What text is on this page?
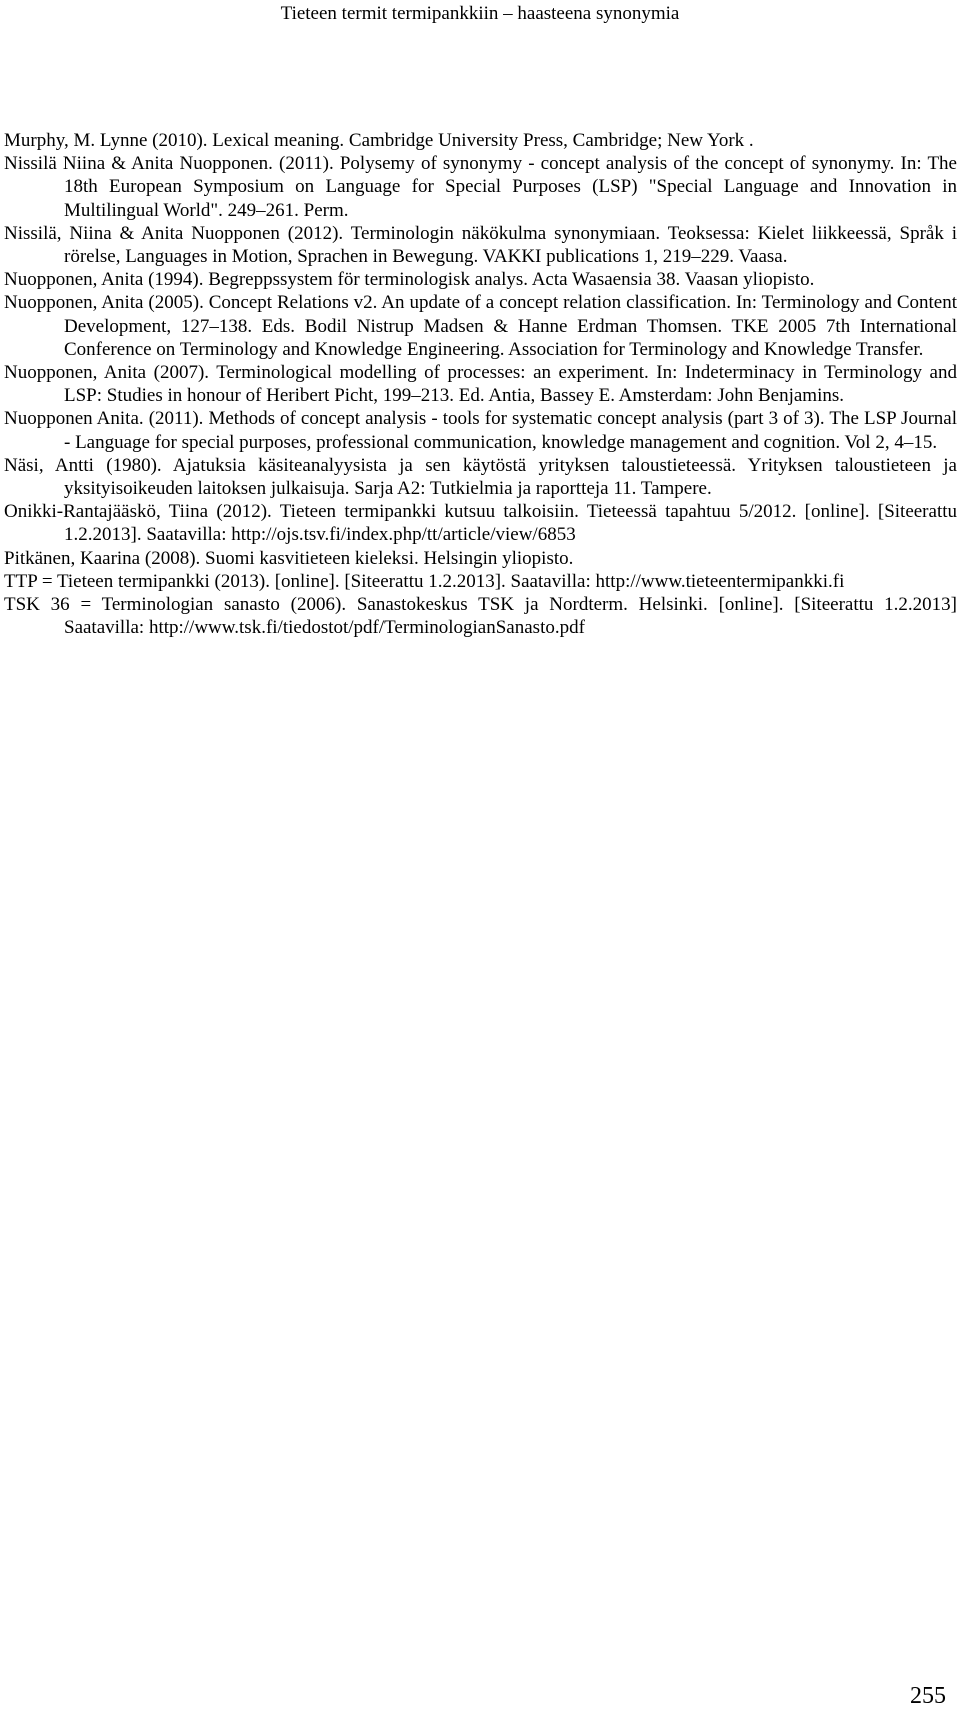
Tieteen termit termipankkiin – haasteena synonymia
Murphy, M. Lynne (2010). Lexical meaning. Cambridge University Press, Cambridge; New York .
Nissilä Niina & Anita Nuopponen. (2011). Polysemy of synonymy - concept analysis of the concept of synonymy. In: The 18th European Symposium on Language for Special Purposes (LSP) "Special Language and Innovation in Multilingual World". 249–261. Perm.
Nissilä, Niina & Anita Nuopponen (2012). Terminologin näkökulma synonymiaan. Teoksessa: Kielet liikkeessä, Språk i rörelse, Languages in Motion, Sprachen in Bewegung. VAKKI publications 1, 219–229. Vaasa.
Nuopponen, Anita (1994). Begreppssystem för terminologisk analys. Acta Wasaensia 38. Vaasan yliopisto.
Nuopponen, Anita (2005). Concept Relations v2. An update of a concept relation classification. In: Terminology and Content Development, 127–138. Eds. Bodil Nistrup Madsen & Hanne Erdman Thomsen. TKE 2005 7th International Conference on Terminology and Knowledge Engineering. Association for Terminology and Knowledge Transfer.
Nuopponen, Anita (2007). Terminological modelling of processes: an experiment. In: Indeterminacy in Terminology and LSP: Studies in honour of Heribert Picht, 199–213. Ed. Antia, Bassey E. Amsterdam: John Benjamins.
Nuopponen Anita. (2011). Methods of concept analysis - tools for systematic concept analysis (part 3 of 3). The LSP Journal - Language for special purposes, professional communication, knowledge management and cognition. Vol 2, 4–15.
Näsi, Antti (1980). Ajatuksia käsiteanalyysista ja sen käytöstä yrityksen taloustieteessä. Yrityksen taloustieteen ja yksityisoikeuden laitoksen julkaisuja. Sarja A2: Tutkielmia ja raportteja 11. Tampere.
Onikki-Rantajääskö, Tiina (2012). Tieteen termipankki kutsuu talkoisiin. Tieteessä tapahtuu 5/2012. [online]. [Siteerattu 1.2.2013]. Saatavilla: http://ojs.tsv.fi/index.php/tt/article/view/6853
Pitkänen, Kaarina (2008). Suomi kasvitieteen kieleksi. Helsingin yliopisto.
TTP = Tieteen termipankki (2013). [online]. [Siteerattu 1.2.2013]. Saatavilla: http://www.tieteentermipankki.fi
TSK 36 = Terminologian sanasto (2006). Sanastokeskus TSK ja Nordterm. Helsinki. [online]. [Siteerattu 1.2.2013] Saatavilla: http://www.tsk.fi/tiedostot/pdf/TerminologianSanasto.pdf
255
